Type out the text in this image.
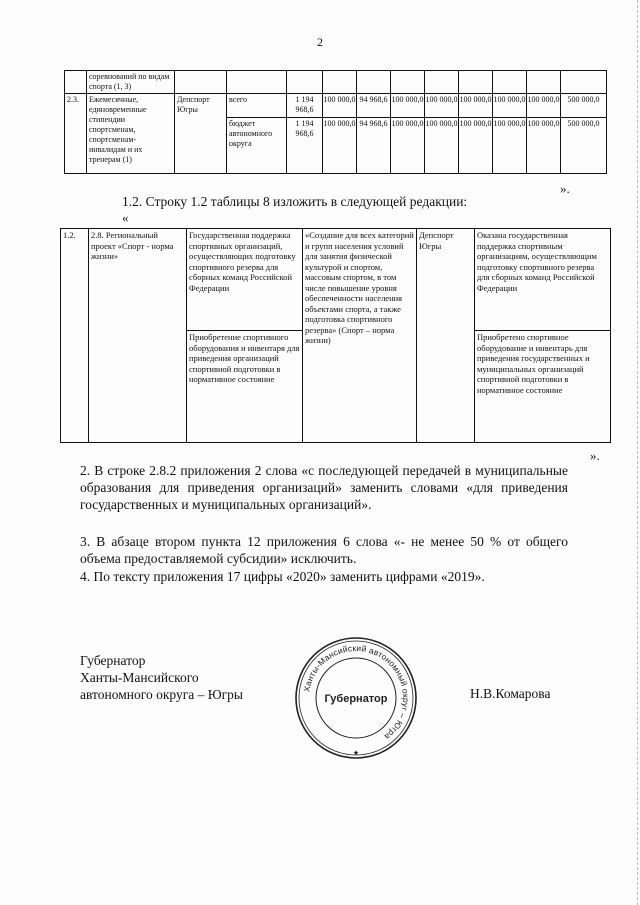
2
	соревнований по видам спорта (1, 3)											
2.3.	Ежемесячные, единовременные стипендии спортсменам, спортсменам-инвалидам и их тренерам (1)	Депспорт Югры	всего	1 194 968,6	100 000,0	94 968,6	100 000,0	100 000,0	100 000,0	100 000,0	100 000,0	500 000,0
			бюджет автономного округа	1 194 968,6	100 000,0	94 968,6	100 000,0	100 000,0	100 000,0	100 000,0	100 000,0	500 000,0
».
1.2. Строку 1.2 таблицы 8 изложить в следующей редакции:
«
1.2.	2.8. Региональный проект «Спорт - норма жизни»	Государственная поддержка спортивных организаций, осуществляющих подготовку спортивного резерва для сборных команд Российской Федерации	«Создание для всех категорий и групп населения условий для занятия физической культурой и спортом, массовым спортом, в том числе повышение уровня обеспеченности населения объектами спорта, а также подготовка спортивного резерва» (Спорт – норма жизни)	Депспорт Югры	Оказана государственная поддержка спортивным организациям, осуществляющим подготовку спортивного резерва для сборных команд Российской Федерации
		Приобретение спортивного оборудования и инвентаря для приведения организаций спортивной подготовки в нормативное состояние			Приобретено спортивное оборудование и инвентарь для приведения государственных и муниципальных организаций спортивной подготовки в нормативное состояние
».
2. В строке 2.8.2 приложения 2 слова «с последующей передачей в муниципальные образования для приведения организаций» заменить словами «для приведения государственных и муниципальных организаций».
3. В абзаце втором пункта 12 приложения 6 слова «- не менее 50 % от общего объема предоставляемой субсидии» исключить.
4. По тексту приложения 17 цифры «2020» заменить цифрами «2019».
Губернатор
Ханты-Мансийского
автономного округа – Югры	Ханты-Мансийский автономный округ – Югра
Губернатор
★
Н.В.Комарова
